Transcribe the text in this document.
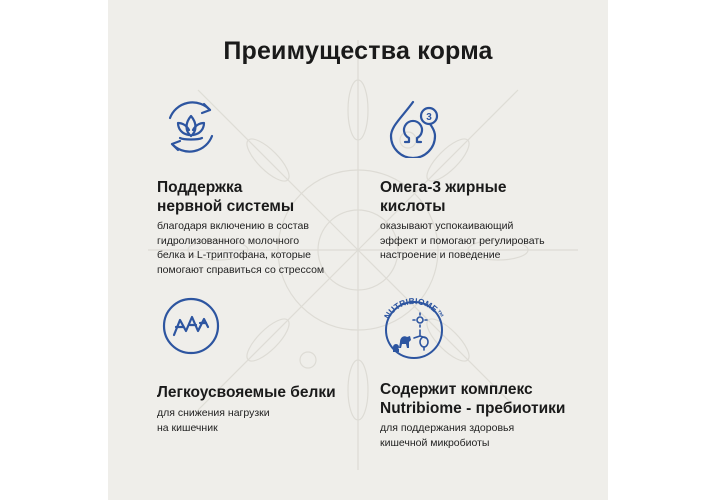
Преимущества корма
Поддержка
нервной системы
благодаря включению в состав
гидролизованного молочного
белка и L-триптофана, которые
помогают справиться со стрессом
3
Омега-3 жирные
кислоты
оказывают успокаивающий
эффект и помогают регулировать
настроение и поведение
Легкоусвояемые белки
для снижения нагрузки
на кишечник
NUTRIBIOME™
Содержит комплекс
Nutribiome - пребиотики
для поддержания здоровья
кишечной микробиоты
